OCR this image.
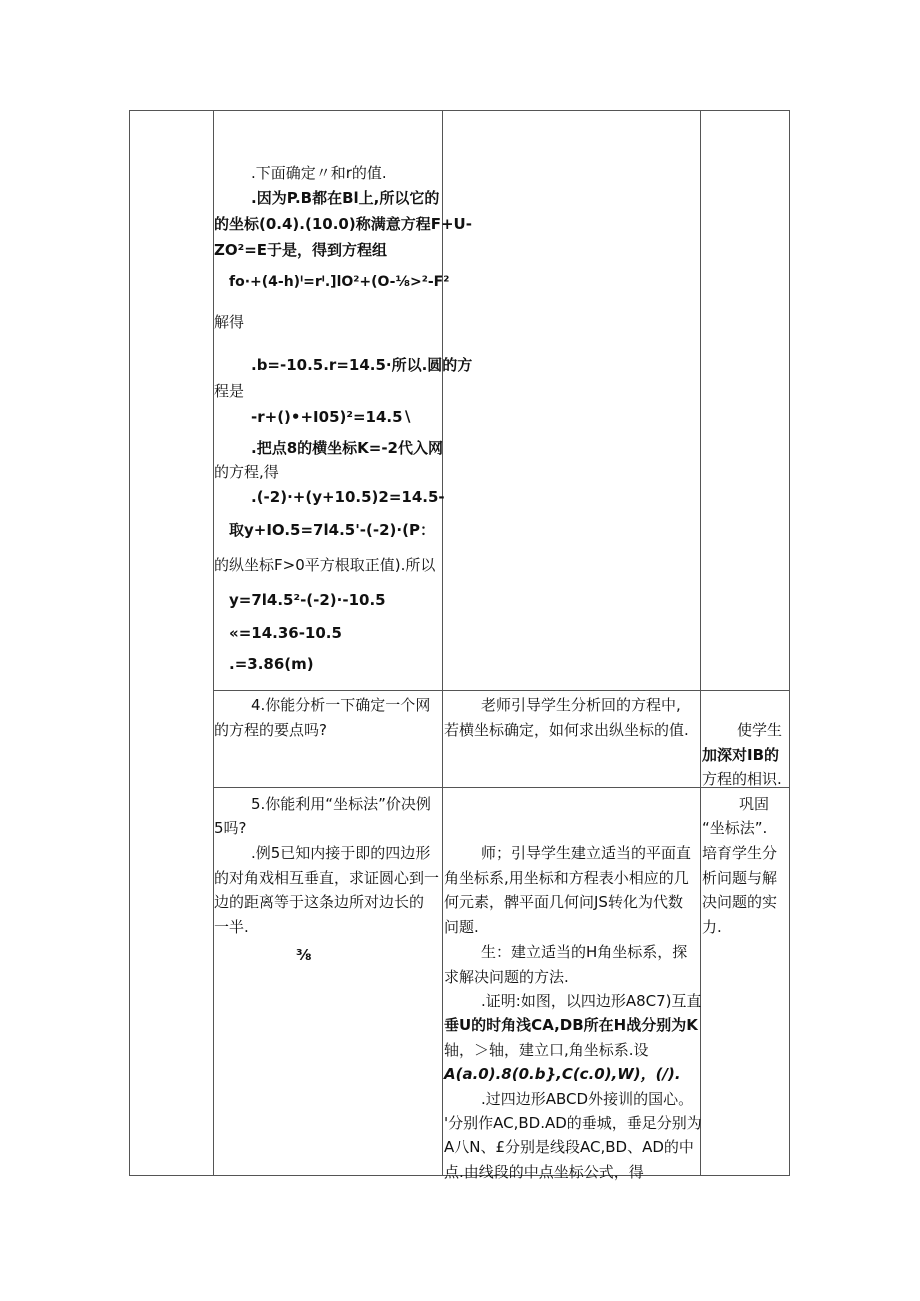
.下面确定〃和r的值.
.因为P.B都在Bl上,所以它的
的坐标(0.4).(10.0)称满意方程F+U-
ZO²=E于是，得到方程组
fo·+(4-h)ˡ=rˡ.]lO²+(O-⅛>²-F²
解得
.b=-10.5.r=14.5·所以.圆的方
程是
-r+()•+I05)²=14.5∖
.把点8的横坐标K=-2代入网
的方程,得
.(-2)·+(y+10.5)2=14.5-
取y+IO.5=7l4.5'-(-2)·(P：
的纵坐标F>0平方根取正值).所以
y=7l4.5²-(-2)·-10.5
«=14.36-10.5
.=3.86(m)
4.你能分析一下确定一个网
的方程的要点吗?
老师引导学生分析回的方程中,
若横坐标确定，如何求出纵坐标的值.	使学生
加深对IB的
方程的相识.
5.你能利用“坐标法”价决例
5吗?
.例5已知内接于即的四边形
的对角戏相互垂直，求证圆心到一
边的距离等于这条边所对边长的
一半.
⅜
师；引导学生建立适当的平面直
角坐标系,用坐标和方程表小相应的几
何元素，髀平面几何问JS转化为代数
问题.
生：建立适当的H角坐标系，探
求解决问题的方法.
.证明:如图，以四边形A8C7)互直
垂U的时角浅CA,DB所在H战分别为K
轴，＞轴，建立口,角坐标系.设
A(a.0).8(0.b},C(c.0),W)，(/).
.过四边形ABCD外接训的国心。
'分别作AC,BD.AD的垂城，垂足分别为
A八N、£分别是线段AC,BD、AD的中
点.由线段的中点坐标公式，得
巩固
“坐标法”.
培育学生分
析问题与解
决问题的实
力.
